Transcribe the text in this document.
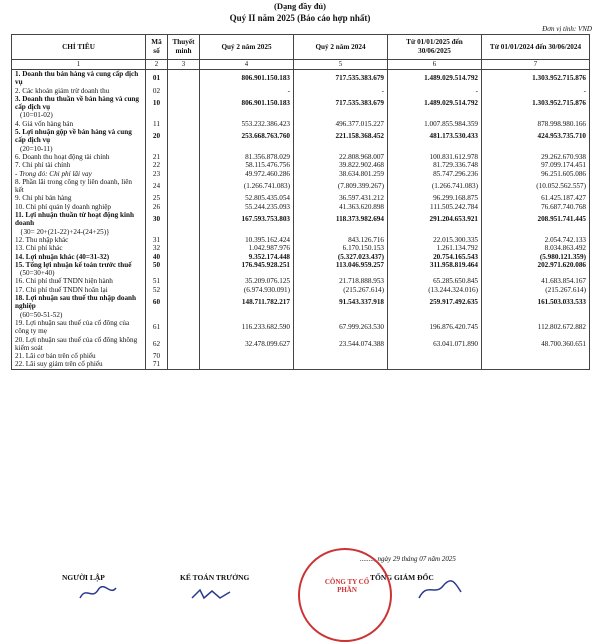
(Dạng đầy đủ)
Quý II năm 2025 (Báo cáo hợp nhất)
Đơn vị tính: VND
CHỈ TIÊU	Mã số	Thuyết minh	Quý 2 năm 2025	Quý 2 năm 2024	Từ 01/01/2025 đến 30/06/2025	Từ 01/01/2024 đến 30/06/2024
1	2	3	4	5	6	7
1. Doanh thu bán hàng và cung cấp dịch vụ	01		806.901.150.183	717.535.383.679	1.489.029.514.792	1.303.952.715.876
2. Các khoản giảm trừ doanh thu	02		-	-	-	-
3. Doanh thu thuần về bán hàng và cung cấp dịch vụ	10		806.901.150.183	717.535.383.679	1.489.029.514.792	1.303.952.715.876
(10=01-02)						
4. Giá vốn hàng bán	11		553.232.386.423	496.377.015.227	1.007.855.984.359	878.998.980.166
5. Lợi nhuận gộp về bán hàng và cung cấp dịch vụ	20		253.668.763.760	221.158.368.452	481.173.530.433	424.953.735.710
(20=10-11)						
6. Doanh thu hoạt động tài chính	21		81.356.878.029	22.808.968.007	100.831.612.978	29.262.670.938
7. Chi phí tài chính	22		58.115.476.756	39.822.902.468	81.729.336.748	97.099.174.451
- Trong đó: Chi phí lãi vay	23		49.972.460.286	38.634.801.259	85.747.296.236	96.251.605.086
8. Phần lãi trong công ty liên doanh, liên kết	24		(1.266.741.083)	(7.809.399.267)	(1.266.741.083)	(10.052.562.557)
9. Chi phí bán hàng	25		52.805.435.054	36.597.431.212	96.299.168.875	61.425.187.427
10. Chi phí quản lý doanh nghiệp	26		55.244.235.093	41.363.620.898	111.505.242.784	76.687.740.768
11. Lợi nhuận thuần từ hoạt động kinh doanh	30		167.593.753.803	118.373.982.694	291.204.653.921	208.951.741.445
{30= 20+(21-22)+24-(24+25)}						
12. Thu nhập khác	31		10.395.162.424	843.126.716	22.015.300.335	2.054.742.133
13. Chi phí khác	32		1.042.987.976	6.170.150.153	1.261.134.792	8.034.863.492
14. Lợi nhuận khác (40=31-32)	40		9.352.174.448	(5.327.023.437)	20.754.165.543	(5.980.121.359)
15. Tổng lợi nhuận kế toán trước thuế	50		176.945.928.251	113.046.959.257	311.958.819.464	202.971.620.086
(50=30+40)						
16. Chi phí thuế TNDN hiện hành	51		35.209.076.125	21.718.888.953	65.285.650.845	41.683.854.167
17. Chi phí thuế TNDN hoãn lại	52		(6.974.930.091)	(215.267.614)	(13.244.324.016)	(215.267.614)
18. Lợi nhuận sau thuế thu nhập doanh nghiệp	60		148.711.782.217	91.543.337.918	259.917.492.635	161.503.033.533
(60=50-51-52)						
19. Lợi nhuận sau thuế của cổ đông của công ty mẹ	61		116.233.682.590	67.999.263.530	196.876.420.745	112.802.672.882
20. Lợi nhuận sau thuế của cổ đông không kiểm soát	62		32.478.099.627	23.544.074.388	63.041.071.890	48.700.360.651
21. Lãi cơ bản trên cổ phiếu	70					
22. Lãi suy giảm trên cổ phiếu	71					
........, ngày 29 tháng 07 năm 2025
NGƯỜI LẬP	KẾ TOÁN TRƯỞNG	TỔNG GIÁM ĐỐC
CÔNG TY CỔ PHẦN
